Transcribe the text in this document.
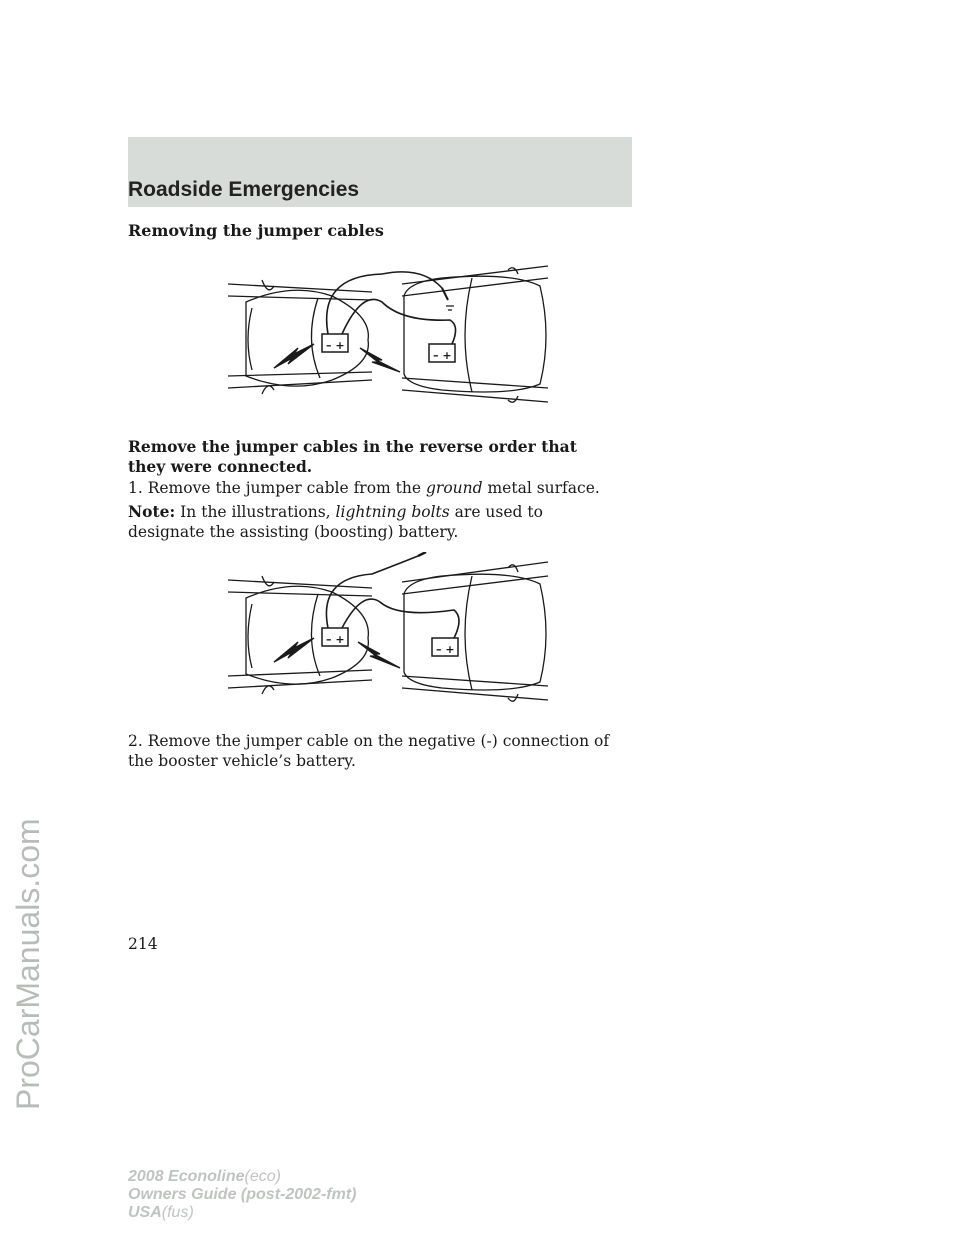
Roadside Emergencies
ProCarManuals.com
Removing the jumper cables
– +
– +
Remove the jumper cables in the reverse order that they were connected.
1. Remove the jumper cable from the ground metal surface.
Note: In the illustrations, lightning bolts are used to designate the assisting (boosting) battery.
– +
– +
2. Remove the jumper cable on the negative (-) connection of the booster vehicle’s battery.
214
2008 Econoline(eco)
Owners Guide (post-2002-fmt)
USA(fus)
